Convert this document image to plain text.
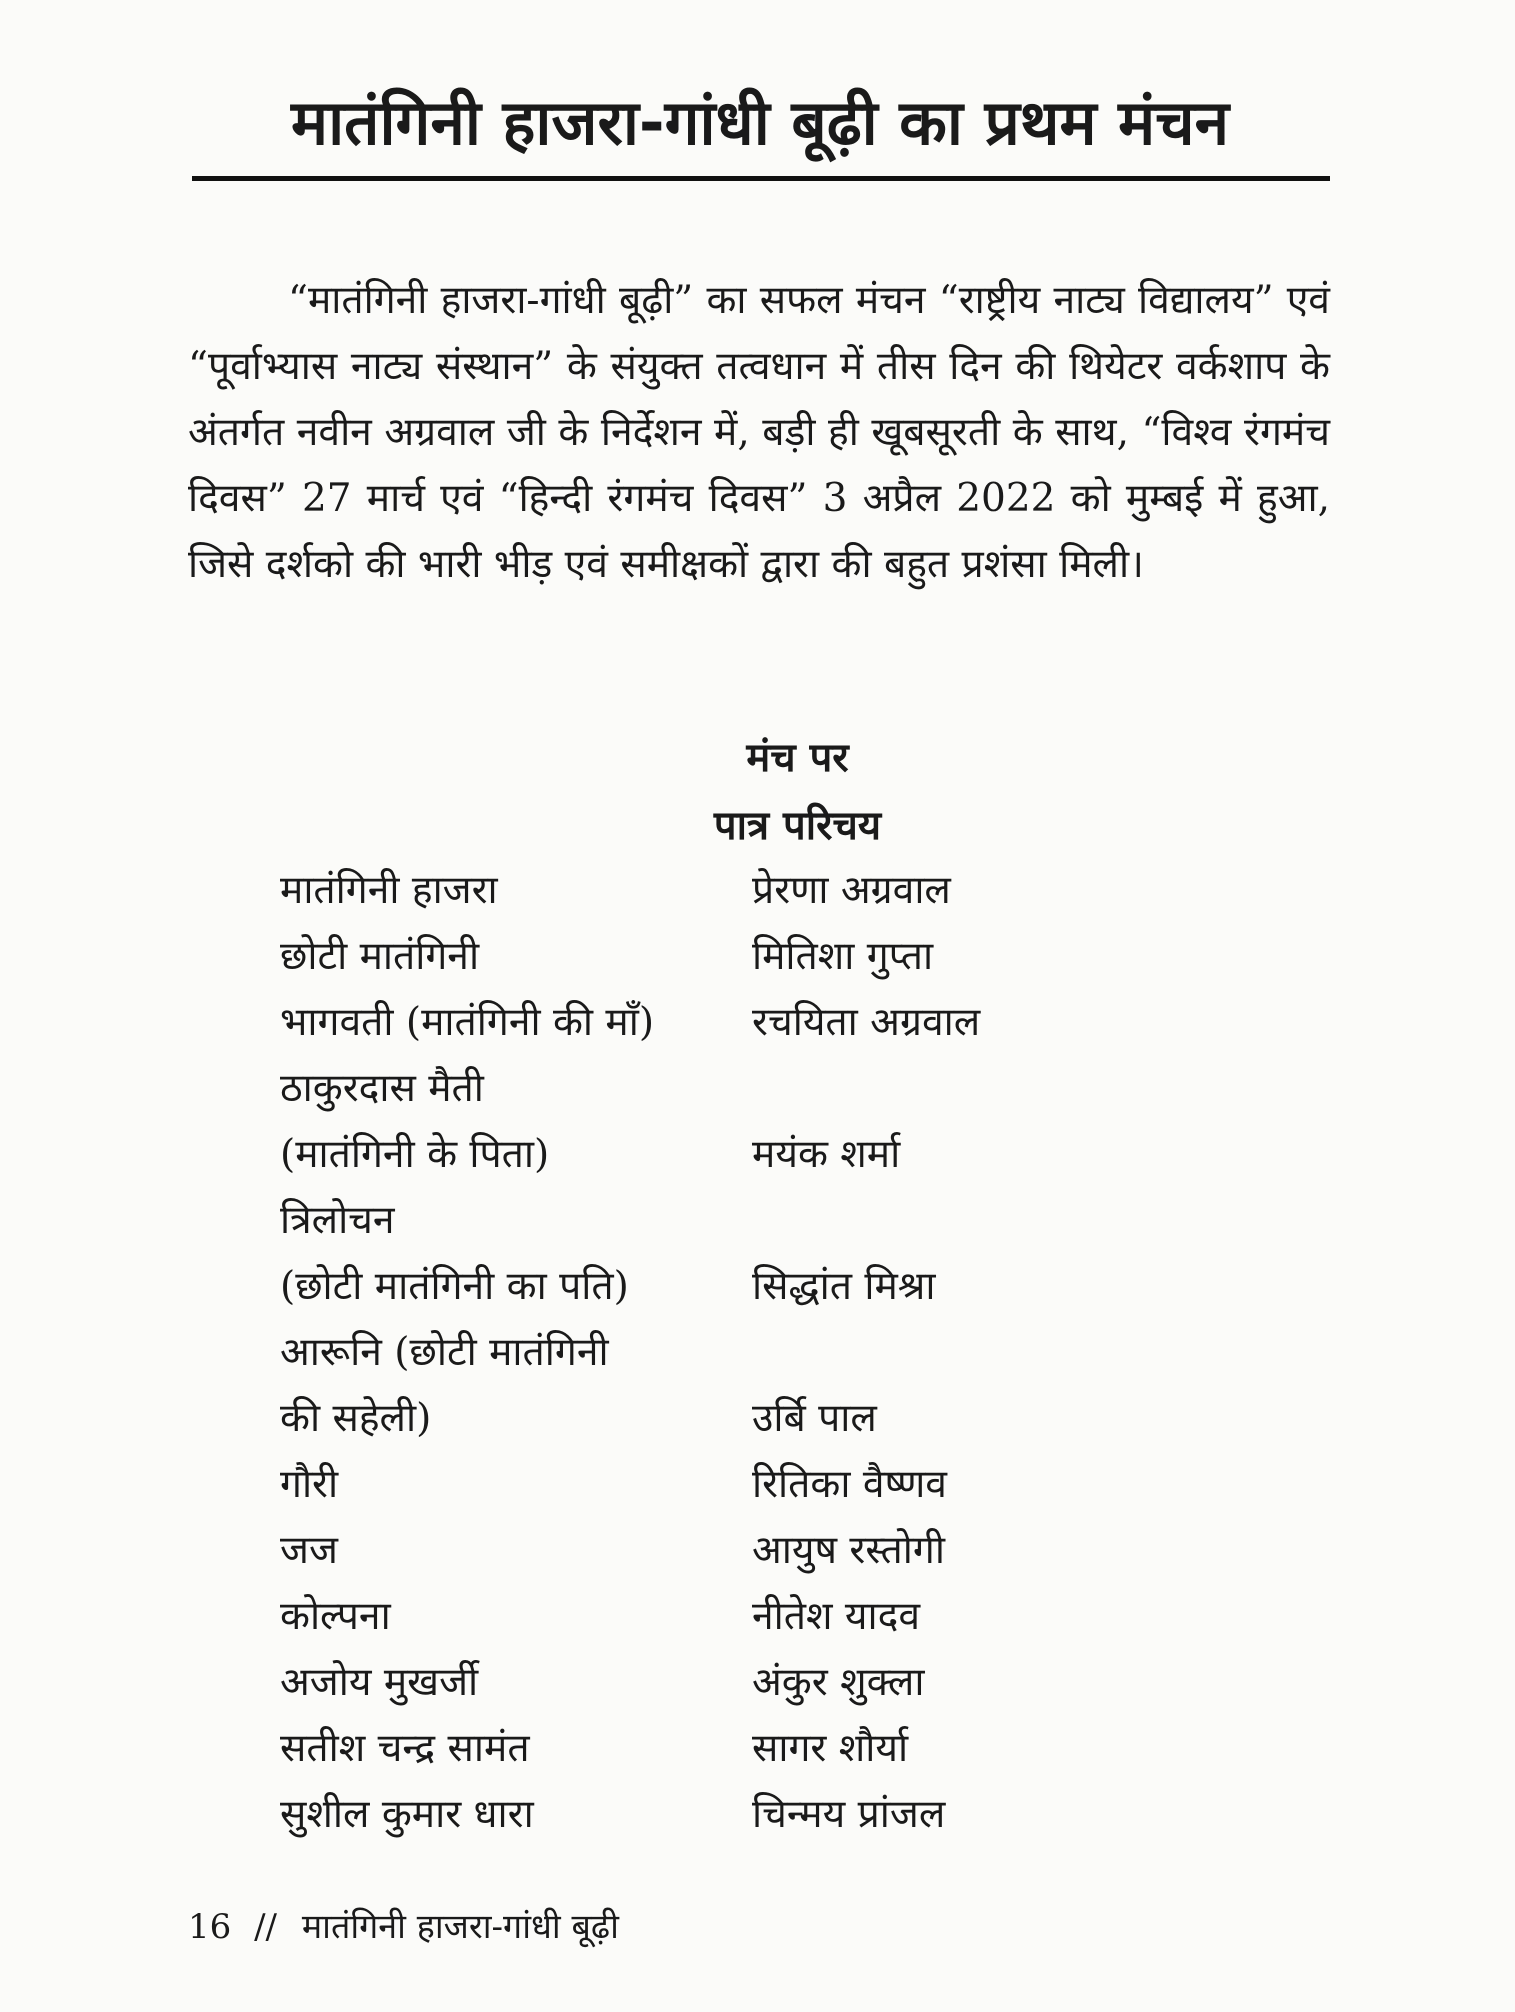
मातंगिनी हाजरा-गांधी बूढ़ी का प्रथम मंचन

“मातंगिनी हाजरा-गांधी बूढ़ी” का सफल मंचन “राष्ट्रीय नाट्य विद्यालय” एवं “पूर्वाभ्यास नाट्य संस्थान” के संयुक्त तत्वधान में तीस दिन की थियेटर वर्कशाप के अंतर्गत नवीन अग्रवाल जी के निर्देशन में, बड़ी ही खूबसूरती के साथ, “विश्व रंगमंच दिवस” 27 मार्च एवं “हिन्दी रंगमंच दिवस” 3 अप्रैल 2022 को मुम्बई में हुआ, जिसे दर्शको की भारी भीड़ एवं समीक्षकों द्वारा की बहुत प्रशंसा मिली।

मंच पर
पात्र परिचय
मातंगिनी हाजरा	प्रेरणा अग्रवाल
छोटी मातंगिनी	मितिशा गुप्ता
भागवती (मातंगिनी की माँ)	रचयिता अग्रवाल
ठाकुरदास मैती
(मातंगिनी के पिता)	मयंक शर्मा
त्रिलोचन
(छोटी मातंगिनी का पति)	सिद्धांत मिश्रा
आरूनि (छोटी मातंगिनी
की सहेली)	उर्बि पाल
गौरी	रितिका वैष्णव
जज	आयुष रस्तोगी
कोल्पना	नीतेश यादव
अजोय मुखर्जी	अंकुर शुक्ला
सतीश चन्द्र सामंत	सागर शौर्या
सुशील कुमार धारा	चिन्मय प्रांजल
16 // मातंगिनी हाजरा-गांधी बूढ़ी
